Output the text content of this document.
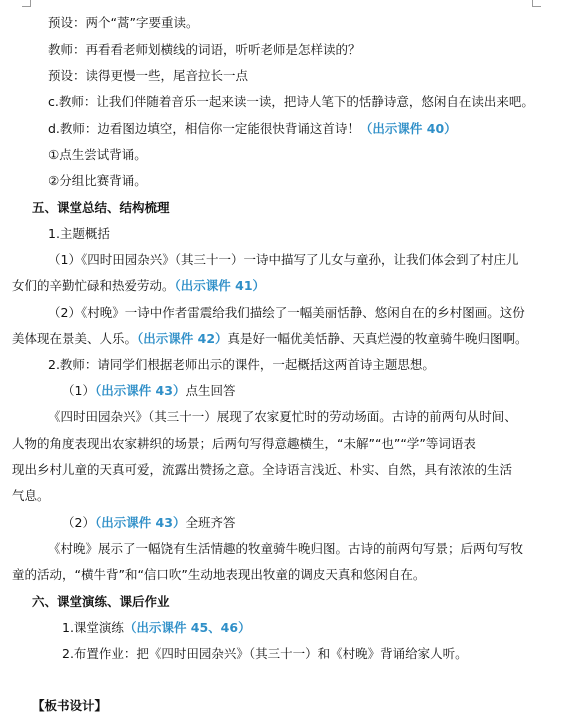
预设：两个“蒿”字要重读。
教师：再看看老师划横线的词语，听听老师是怎样读的？
预设：读得更慢一些，尾音拉长一点
c.教师：让我们伴随着音乐一起来读一读，把诗人笔下的恬静诗意，悠闲自在读出来吧。
d.教师：边看图边填空，相信你一定能很快背诵这首诗！（出示课件 40）
①点生尝试背诵。
②分组比赛背诵。
五、课堂总结、结构梳理
1.主题概括
（1）《四时田园杂兴》（其三十一）一诗中描写了儿女与童孙，让我们体会到了村庄儿
女们的辛勤忙碌和热爱劳动。（出示课件 41）
（2）《村晚》一诗中作者雷震给我们描绘了一幅美丽恬静、悠闲自在的乡村图画。这份
美体现在景美、人乐。（出示课件 42）真是好一幅优美恬静、天真烂漫的牧童骑牛晚归图啊。
2.教师：请同学们根据老师出示的课件，一起概括这两首诗主题思想。
（1）（出示课件 43）点生回答
《四时田园杂兴》（其三十一）展现了农家夏忙时的劳动场面。古诗的前两句从时间、
人物的角度表现出农家耕织的场景；后两句写得意趣横生，“未解”“也”“学”等词语表
现出乡村儿童的天真可爱，流露出赞扬之意。全诗语言浅近、朴实、自然，具有浓浓的生活
气息。
（2）（出示课件 43）全班齐答
《村晚》展示了一幅饶有生活情趣的牧童骑牛晚归图。古诗的前两句写景；后两句写牧
童的活动，“横牛背”和“信口吹”生动地表现出牧童的调皮天真和悠闲自在。
六、课堂演练、课后作业
1.课堂演练（出示课件 45、46）
2.布置作业：把《四时田园杂兴》（其三十一）和《村晚》背诵给家人听。
【板书设计】
